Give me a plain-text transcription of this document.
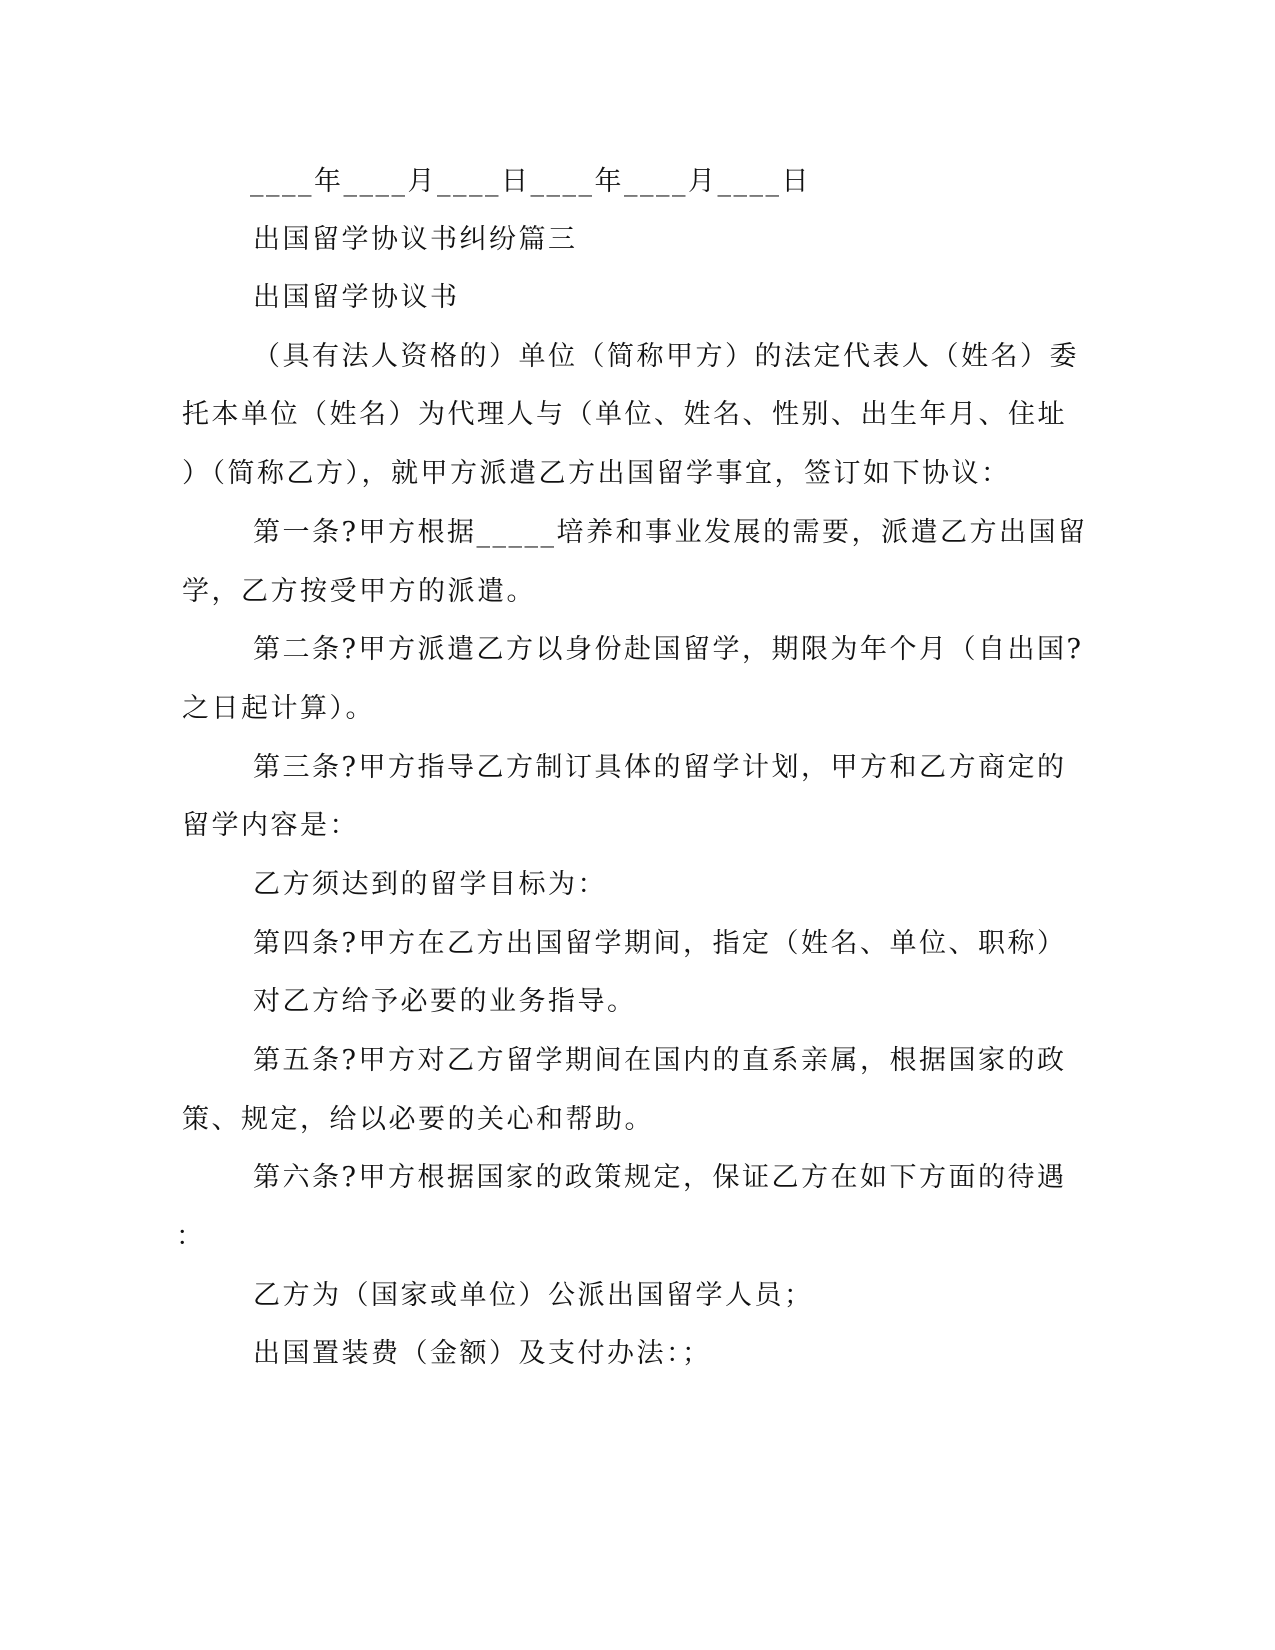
____年____月____日____年____月____日
出国留学协议书纠纷篇三
出国留学协议书
（具有法人资格的）单位（简称甲方）的法定代表人（姓名）委
托本单位（姓名）为代理人与（单位、姓名、性别、出生年月、住址
）（简称乙方），就甲方派遣乙方出国留学事宜，签订如下协议：
第一条?甲方根据_____培养和事业发展的需要，派遣乙方出国留
学，乙方按受甲方的派遣。
第二条?甲方派遣乙方以身份赴国留学，期限为年个月（自出国?
之日起计算）。
第三条?甲方指导乙方制订具体的留学计划，甲方和乙方商定的
留学内容是：
乙方须达到的留学目标为：
第四条?甲方在乙方出国留学期间，指定（姓名、单位、职称）
对乙方给予必要的业务指导。
第五条?甲方对乙方留学期间在国内的直系亲属，根据国家的政
策、规定，给以必要的关心和帮助。
第六条?甲方根据国家的政策规定，保证乙方在如下方面的待遇
：
乙方为（国家或单位）公派出国留学人员；
出国置装费（金额）及支付办法：；
